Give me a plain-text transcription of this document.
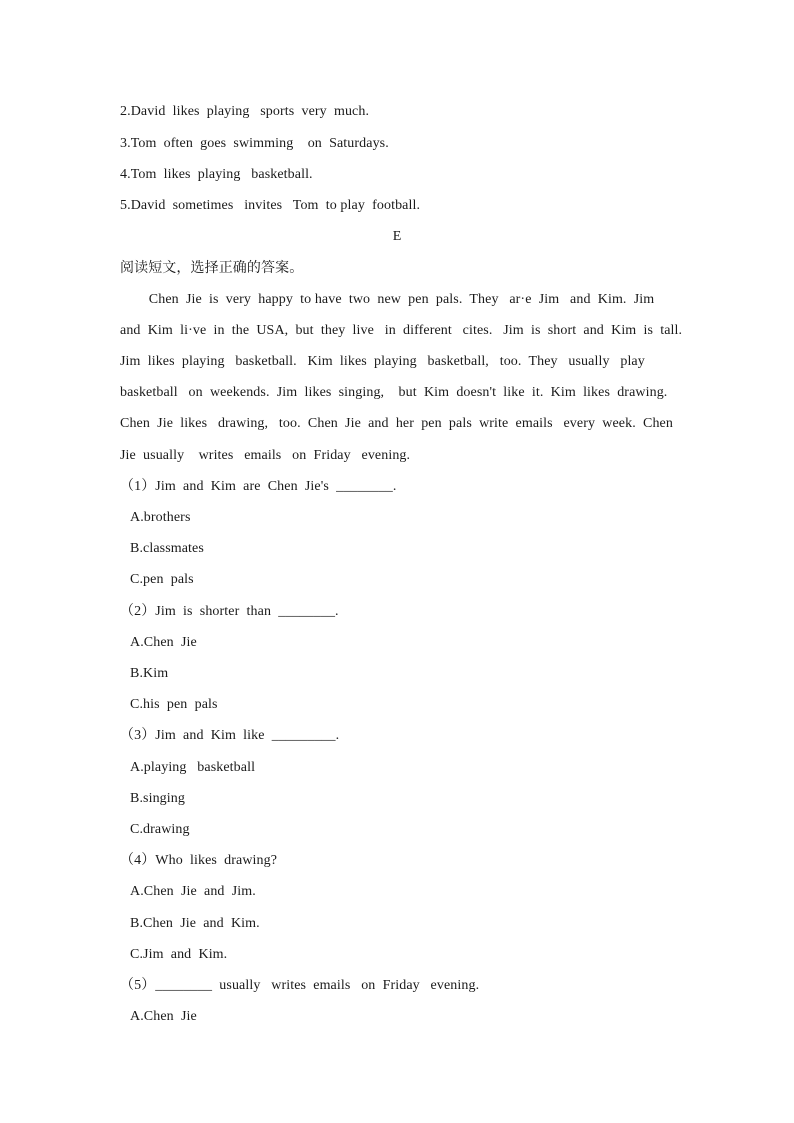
2.David  likes  playing   sports  very  much.
3.Tom  often  goes  swimming    on  Saturdays.
4.Tom  likes  playing   basketball.
5.David  sometimes   invites   Tom  to play  football.
E
阅读短文，选择正确的答案。
Chen  Jie  is  very  happy  to have  two  new  pen  pals.  They   ar·e  Jim   and  Kim.  Jim
and  Kim  li·ve  in  the  USA,  but  they  live   in  different   cites.   Jim  is  short  and  Kim  is  tall.
Jim  likes  playing   basketball.   Kim  likes  playing   basketball,   too.  They   usually   play
basketball   on  weekends.  Jim  likes  singing,    but  Kim  doesn't  like  it.  Kim  likes  drawing.
Chen  Jie  likes   drawing,   too.  Chen  Jie  and  her  pen  pals  write  emails   every  week.  Chen
Jie  usually    writes   emails   on  Friday   evening.
（1）Jim  and  Kim  are  Chen  Jie's  ________.
A.brothers
B.classmates
C.pen  pals
（2）Jim  is  shorter  than  ________.
A.Chen  Jie
B.Kim
C.his  pen  pals
（3）Jim  and  Kim  like  _________.
A.playing   basketball
B.singing
C.drawing
（4）Who  likes  drawing?
A.Chen  Jie  and  Jim.
B.Chen  Jie  and  Kim.
C.Jim  and  Kim.
（5）________  usually   writes  emails   on  Friday   evening.
A.Chen  Jie
